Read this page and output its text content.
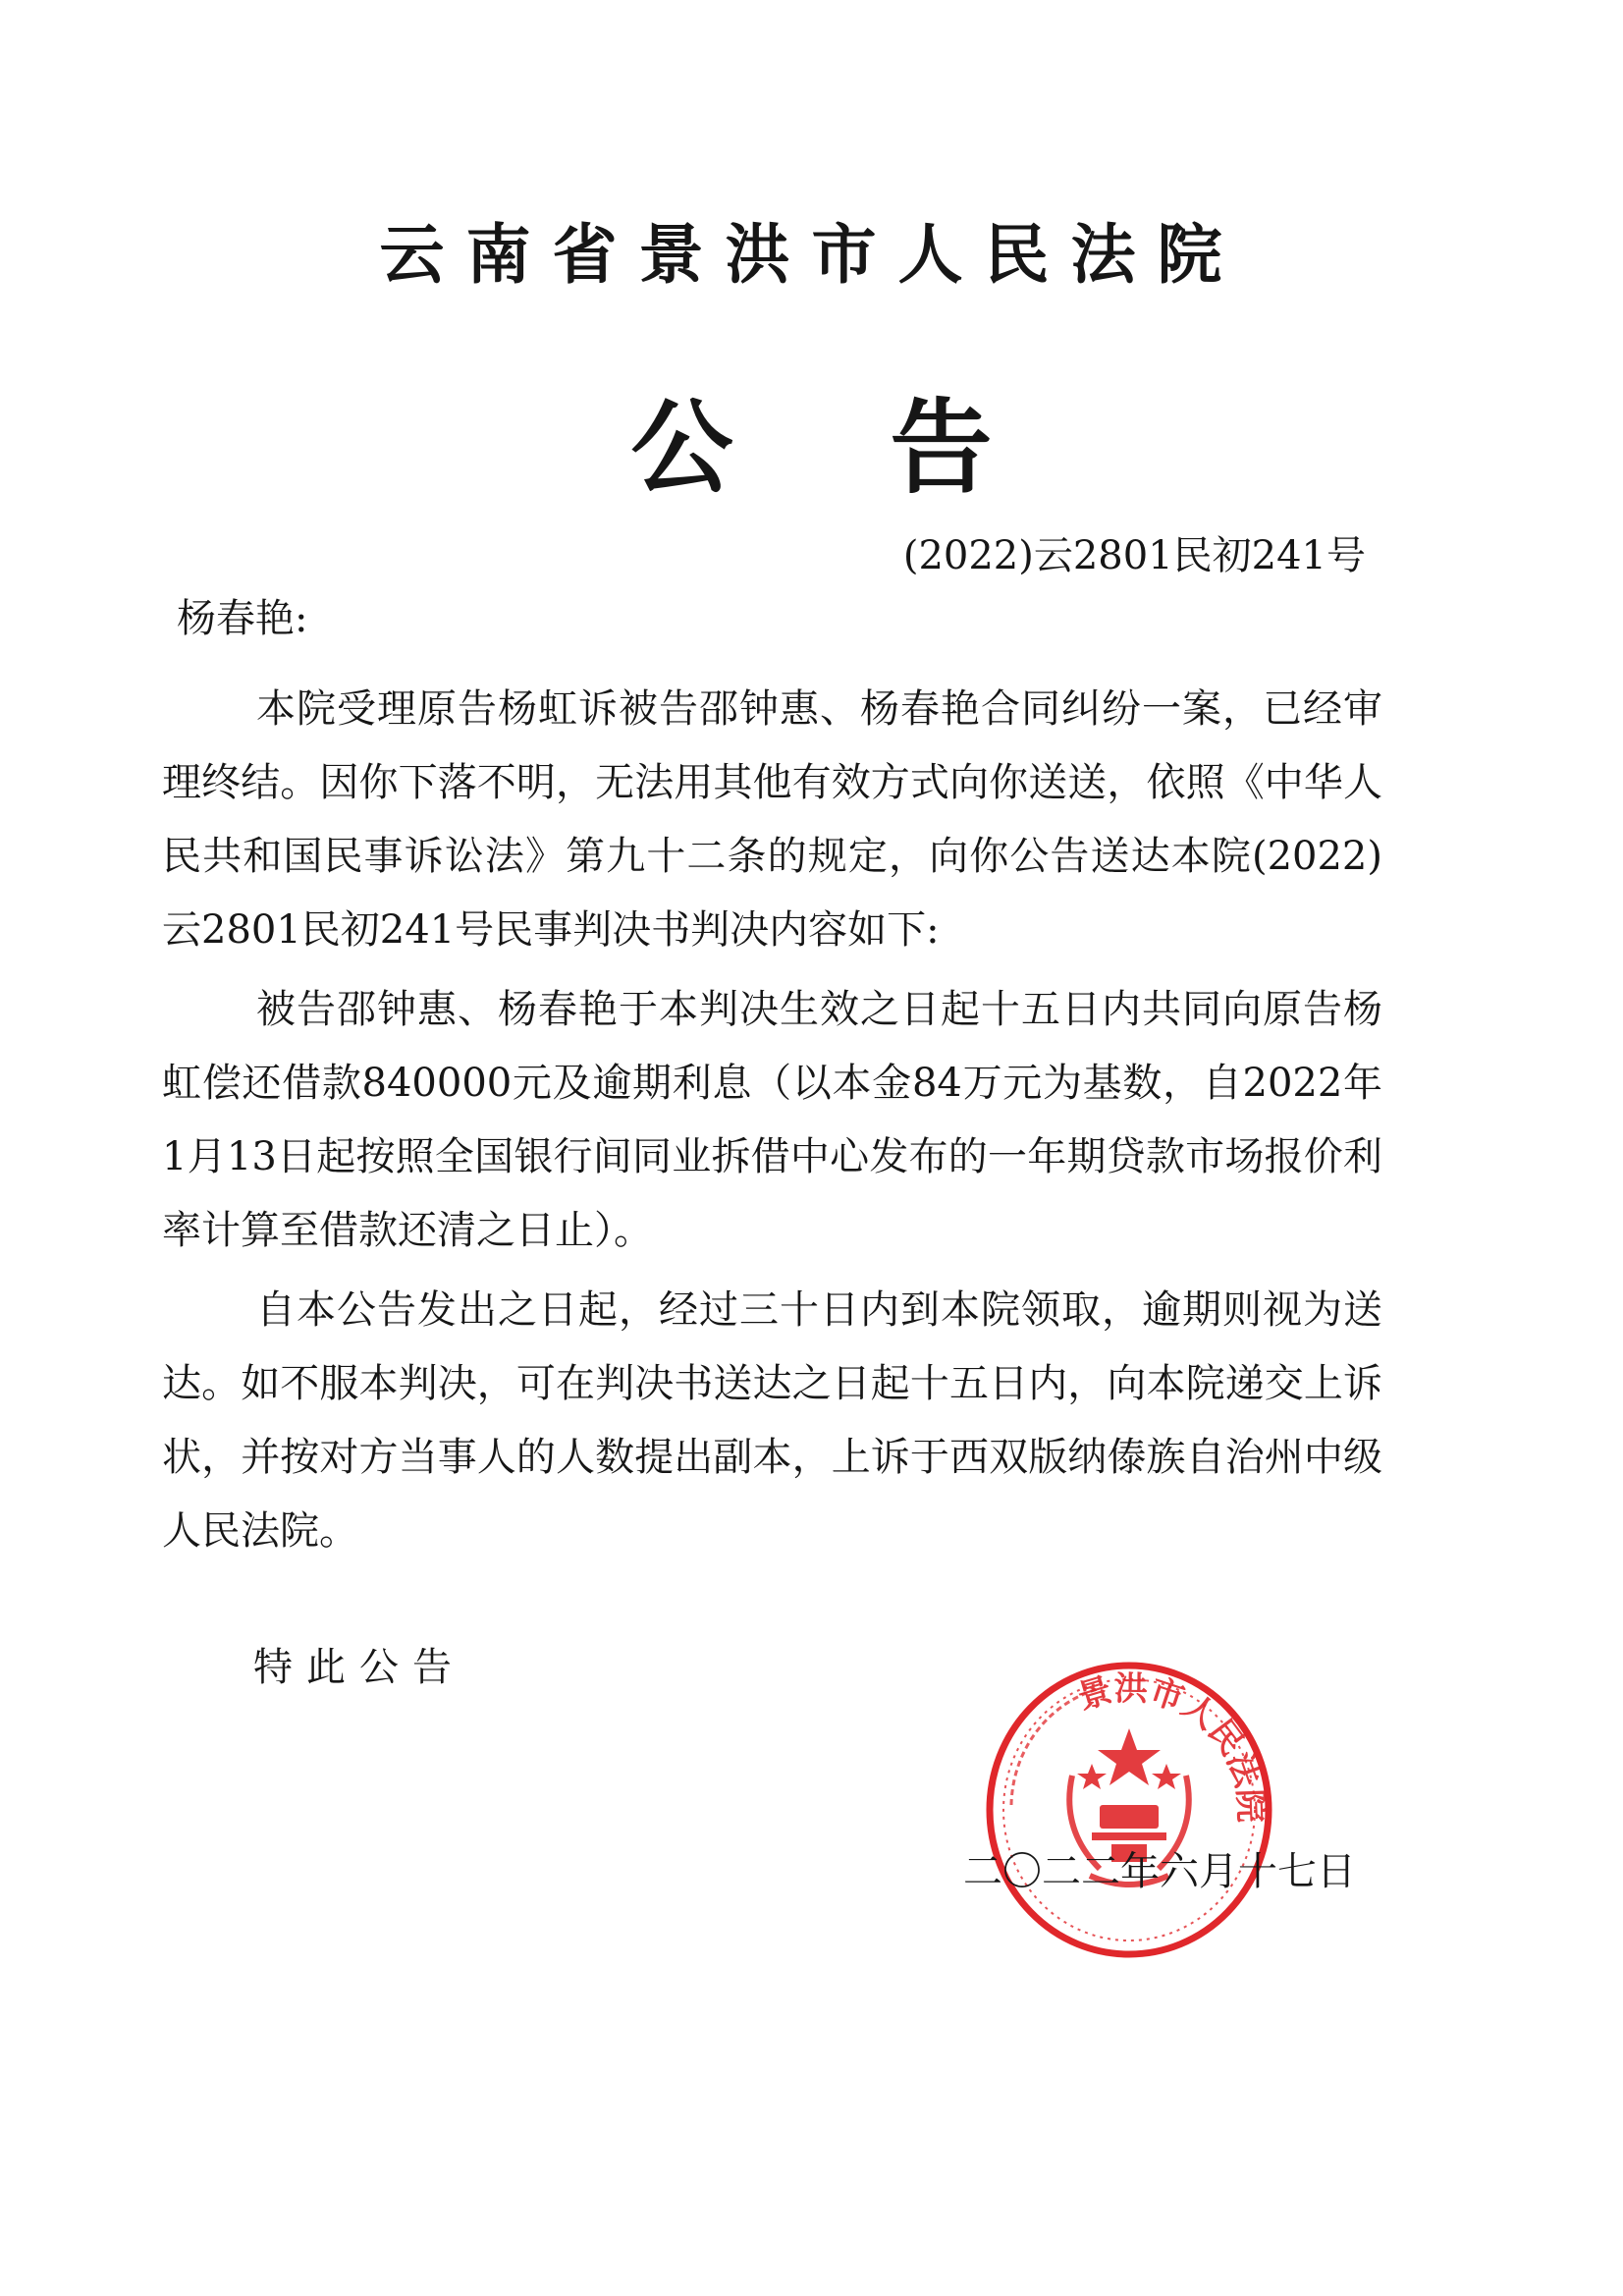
云南省景洪市人民法院
公告
(2022)云2801民初241号
杨春艳:

本院受理原告杨虹诉被告邵钟惠、杨春艳合同纠纷一案，已经审理终结。因你下落不明，无法用其他有效方式向你送送，依照《中华人民共和国民事诉讼法》第九十二条的规定，向你公告送达本院(2022)云2801民初241号民事判决书判决内容如下:

被告邵钟惠、杨春艳于本判决生效之日起十五日内共同向原告杨虹偿还借款840000元及逾期利息（以本金84万元为基数，自2022年1月13日起按照全国银行间同业拆借中心发布的一年期贷款市场报价利率计算至借款还清之日止）。

自本公告发出之日起，经过三十日内到本院领取，逾期则视为送达。如不服本判决，可在判决书送达之日起十五日内，向本院递交上诉状，并按对方当事人的人数提出副本，上诉于西双版纳傣族自治州中级人民法院。

特此公告
景洪市人民法院
二〇二二年六月十七日
